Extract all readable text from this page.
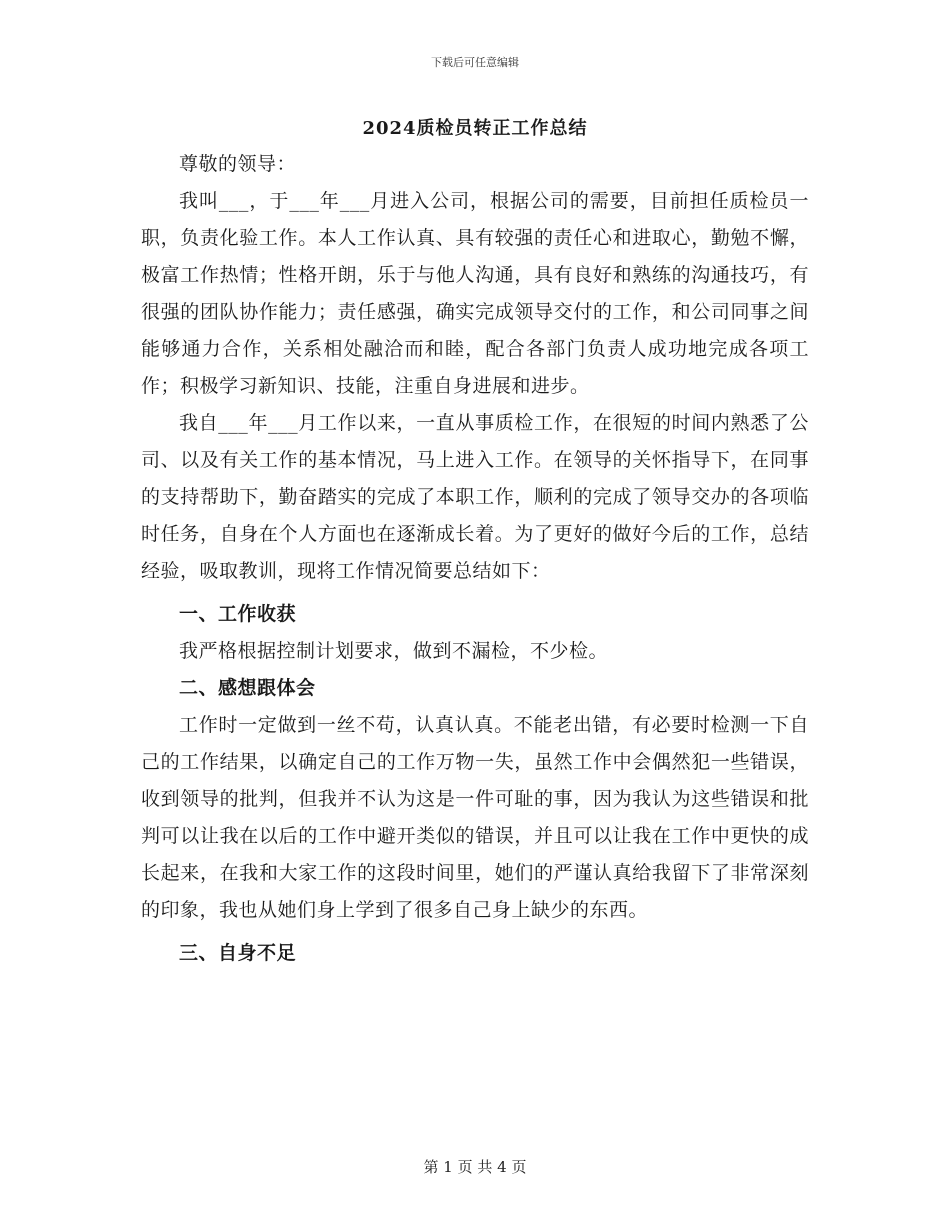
下载后可任意编辑
2024质检员转正工作总结

尊敬的领导：

我叫___，于___年___月进入公司，根据公司的需要，目前担任质检员一职，负责化验工作。本人工作认真、具有较强的责任心和进取心，勤勉不懈，极富工作热情；性格开朗，乐于与他人沟通，具有良好和熟练的沟通技巧，有很强的团队协作能力；责任感强，确实完成领导交付的工作，和公司同事之间能够通力合作，关系相处融洽而和睦，配合各部门负责人成功地完成各项工作；积极学习新知识、技能，注重自身进展和进步。

我自___年___月工作以来，一直从事质检工作，在很短的时间内熟悉了公司、以及有关工作的基本情况，马上进入工作。在领导的关怀指导下，在同事的支持帮助下，勤奋踏实的完成了本职工作，顺利的完成了领导交办的各项临时任务，自身在个人方面也在逐渐成长着。为了更好的做好今后的工作，总结经验，吸取教训，现将工作情况简要总结如下：

一、工作收获

我严格根据控制计划要求，做到不漏检，不少检。

二、感想跟体会

工作时一定做到一丝不苟，认真认真。不能老出错，有必要时检测一下自己的工作结果，以确定自己的工作万物一失，虽然工作中会偶然犯一些错误，收到领导的批判，但我并不认为这是一件可耻的事，因为我认为这些错误和批判可以让我在以后的工作中避开类似的错误，并且可以让我在工作中更快的成长起来，在我和大家工作的这段时间里，她们的严谨认真给我留下了非常深刻的印象，我也从她们身上学到了很多自己身上缺少的东西。

三、自身不足

第 1 页 共 4 页
